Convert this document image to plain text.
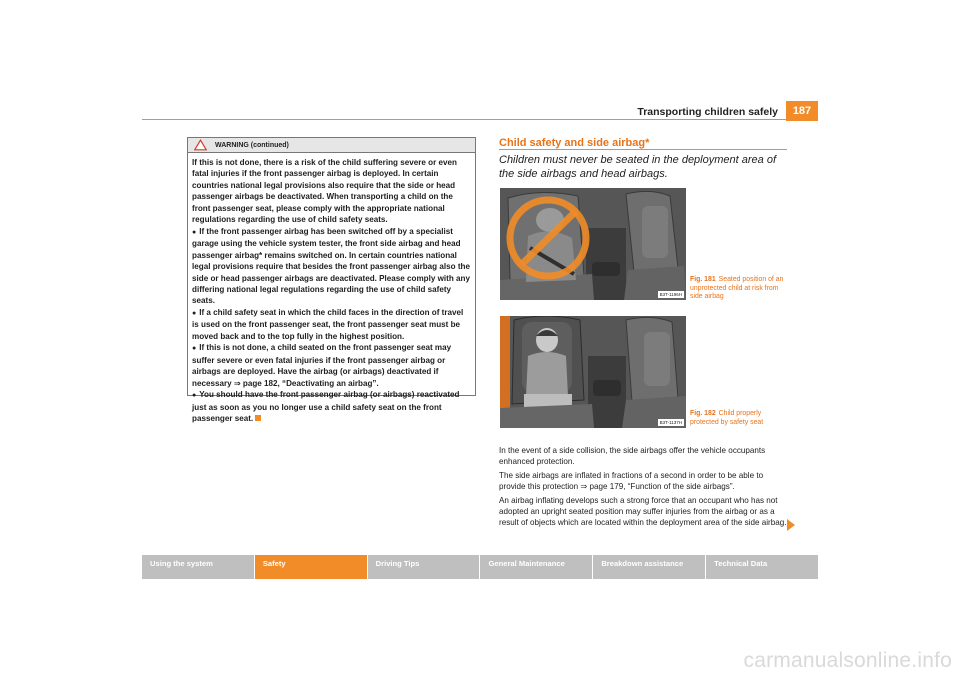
Transporting children safely	187
WARNING (continued)

If this is not done, there is a risk of the child suffering severe or even fatal injuries if the front passenger airbag is deployed. In certain countries national legal provisions also require that the side or head passenger airbags be deactivated. When transporting a child on the front passenger seat, please comply with the appropriate national regulations regarding the use of child safety seats.

● If the front passenger airbag has been switched off by a specialist garage using the vehicle system tester, the front side airbag and head passenger airbag* remains switched on. In certain countries national legal provisions require that besides the front passenger airbag also the side or head passenger airbags are deactivated. Please comply with any differing national legal regulations regarding the use of child safety seats.

● If a child safety seat in which the child faces in the direction of travel is used on the front passenger seat, the front passenger seat must be moved back and to the top fully in the highest position.

● If this is not done, a child seated on the front passenger seat may suffer severe or even fatal injuries if the front passenger airbag or airbags are deployed. Have the airbag (or airbags) deactivated if necessary ⇒ page 182, “Deactivating an airbag”.

● You should have the front passenger airbag (or airbags) reactivated just as soon as you no longer use a child safety seat on the front passenger seat.

Child safety and side airbag*
Children must never be seated in the deployment area of the side airbags and head airbags.
B3T-1196H
B3T-1137H
Fig. 181 Seated position of an unprotected child at risk from side airbag
Fig. 182 Child properly protected by safety seat

In the event of a side collision, the side airbags offer the vehicle occupants enhanced protection.

The side airbags are inflated in fractions of a second in order to be able to provide this protection ⇒ page 179, “Function of the side airbags”.

An airbag inflating develops such a strong force that an occupant who has not adopted an upright seated position may suffer injuries from the airbag or as a result of objects which are located within the deployment area of the side airbag.

Using the system	Safety	Driving Tips	General Maintenance	Breakdown assistance	Technical Data
carmanualsonline.info
